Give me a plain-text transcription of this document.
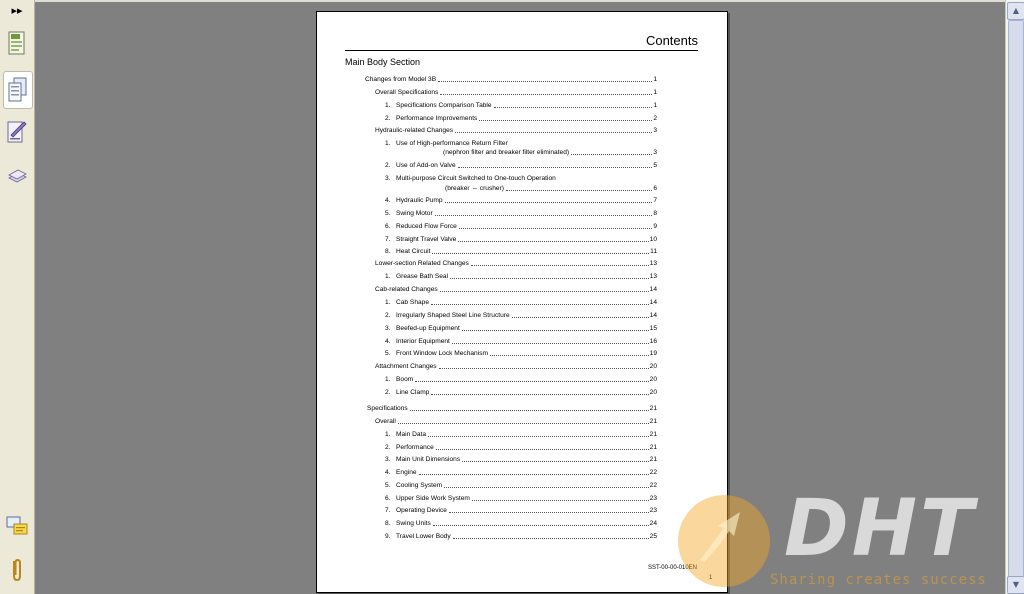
▸▸
Contents
Main Body Section
Changes from Model 3B	1
Overall Specifications	1
1. Specifications Comparison Table	1
2. Performance Improvements	2
Hydraulic-related Changes	3
1. Use of High-performance Return Filter
(nephron filter and breaker filter eliminated)	3
2. Use of Add-on Valve	5
3. Multi-purpose Circuit Switched to One-touch Operation
(breaker ⇔ crusher)	6
4. Hydraulic Pump	7
5. Swing Motor	8
6. Reduced Flow Force	9
7. Straight Travel Valve	10
8. Heat Circuit	11
Lower-section Related Changes	13
1. Grease Bath Seal	13
Cab-related Changes	14
1. Cab Shape	14
2. Irregularly Shaped Steel Line Structure	14
3. Beefed-up Equipment	15
4. Interior Equipment	16
5. Front Window Lock Mechanism	19
Attachment Changes	20
1. Boom	20
2. Line Clamp	20
Specifications	21
Overall	21
1. Main Data	21
2. Performance	21
3. Main Unit Dimensions	21
4. Engine	22
5. Cooling System	22
6. Upper Side Work System	23
7. Operating Device	23
8. Swing Units	24
9. Travel Lower Body	25
SST-00-00-010EN
1
▲
▼
DHT
Sharing creates success
